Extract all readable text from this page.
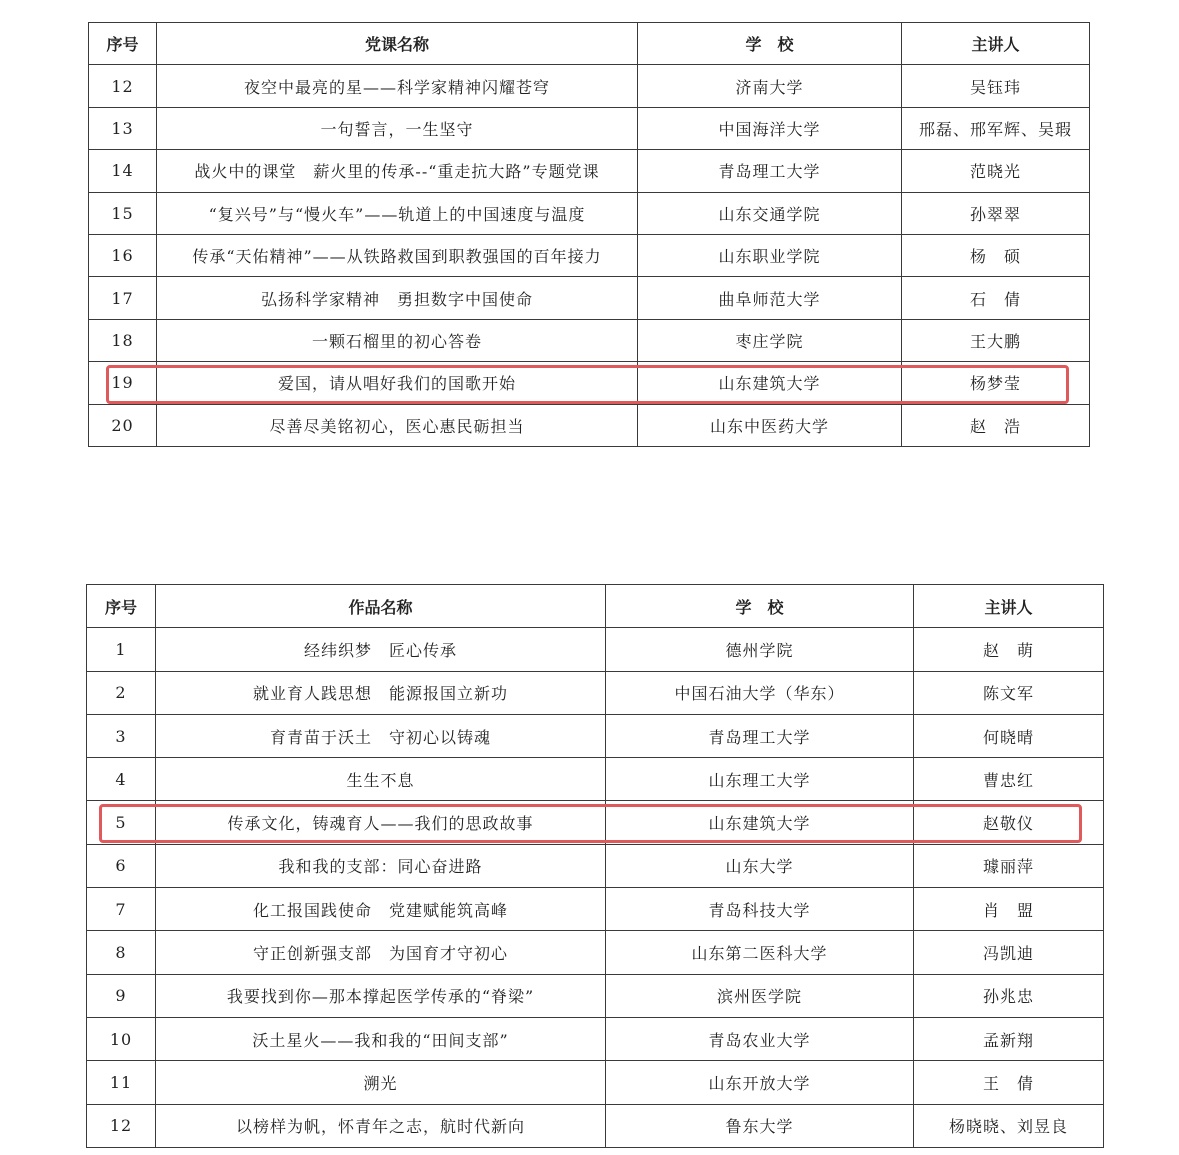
序号	党课名称	学　校	主讲人
12	夜空中最亮的星——科学家精神闪耀苍穹	济南大学	吴钰玮
13	一句誓言，一生坚守	中国海洋大学	邢磊、邢军辉、吴瑕
14	战火中的课堂　薪火里的传承--“重走抗大路”专题党课	青岛理工大学	范晓光
15	“复兴号”与“慢火车”——轨道上的中国速度与温度	山东交通学院	孙翠翠
16	传承“天佑精神”——从铁路救国到职教强国的百年接力	山东职业学院	杨　硕
17	弘扬科学家精神　勇担数字中国使命	曲阜师范大学	石　倩
18	一颗石榴里的初心答卷	枣庄学院	王大鹏
19	爱国，请从唱好我们的国歌开始	山东建筑大学	杨梦莹
20	尽善尽美铭初心，医心惠民砺担当	山东中医药大学	赵　浩
序号	作品名称	学　校	主讲人
1	经纬织梦　匠心传承	德州学院	赵　萌
2	就业育人践思想　能源报国立新功	中国石油大学（华东）	陈文军
3	育青苗于沃土　守初心以铸魂	青岛理工大学	何晓晴
4	生生不息	山东理工大学	曹忠红
5	传承文化，铸魂育人——我们的思政故事	山东建筑大学	赵敬仪
6	我和我的支部：同心奋进路	山东大学	璩丽萍
7	化工报国践使命　党建赋能筑高峰	青岛科技大学	肖　盟
8	守正创新强支部　为国育才守初心	山东第二医科大学	冯凯迪
9	我要找到你—那本撑起医学传承的“脊梁”	滨州医学院	孙兆忠
10	沃土星火——我和我的“田间支部”	青岛农业大学	孟新翔
11	溯光	山东开放大学	王　倩
12	以榜样为帆，怀青年之志，航时代新向	鲁东大学	杨晓晓、刘昱良
